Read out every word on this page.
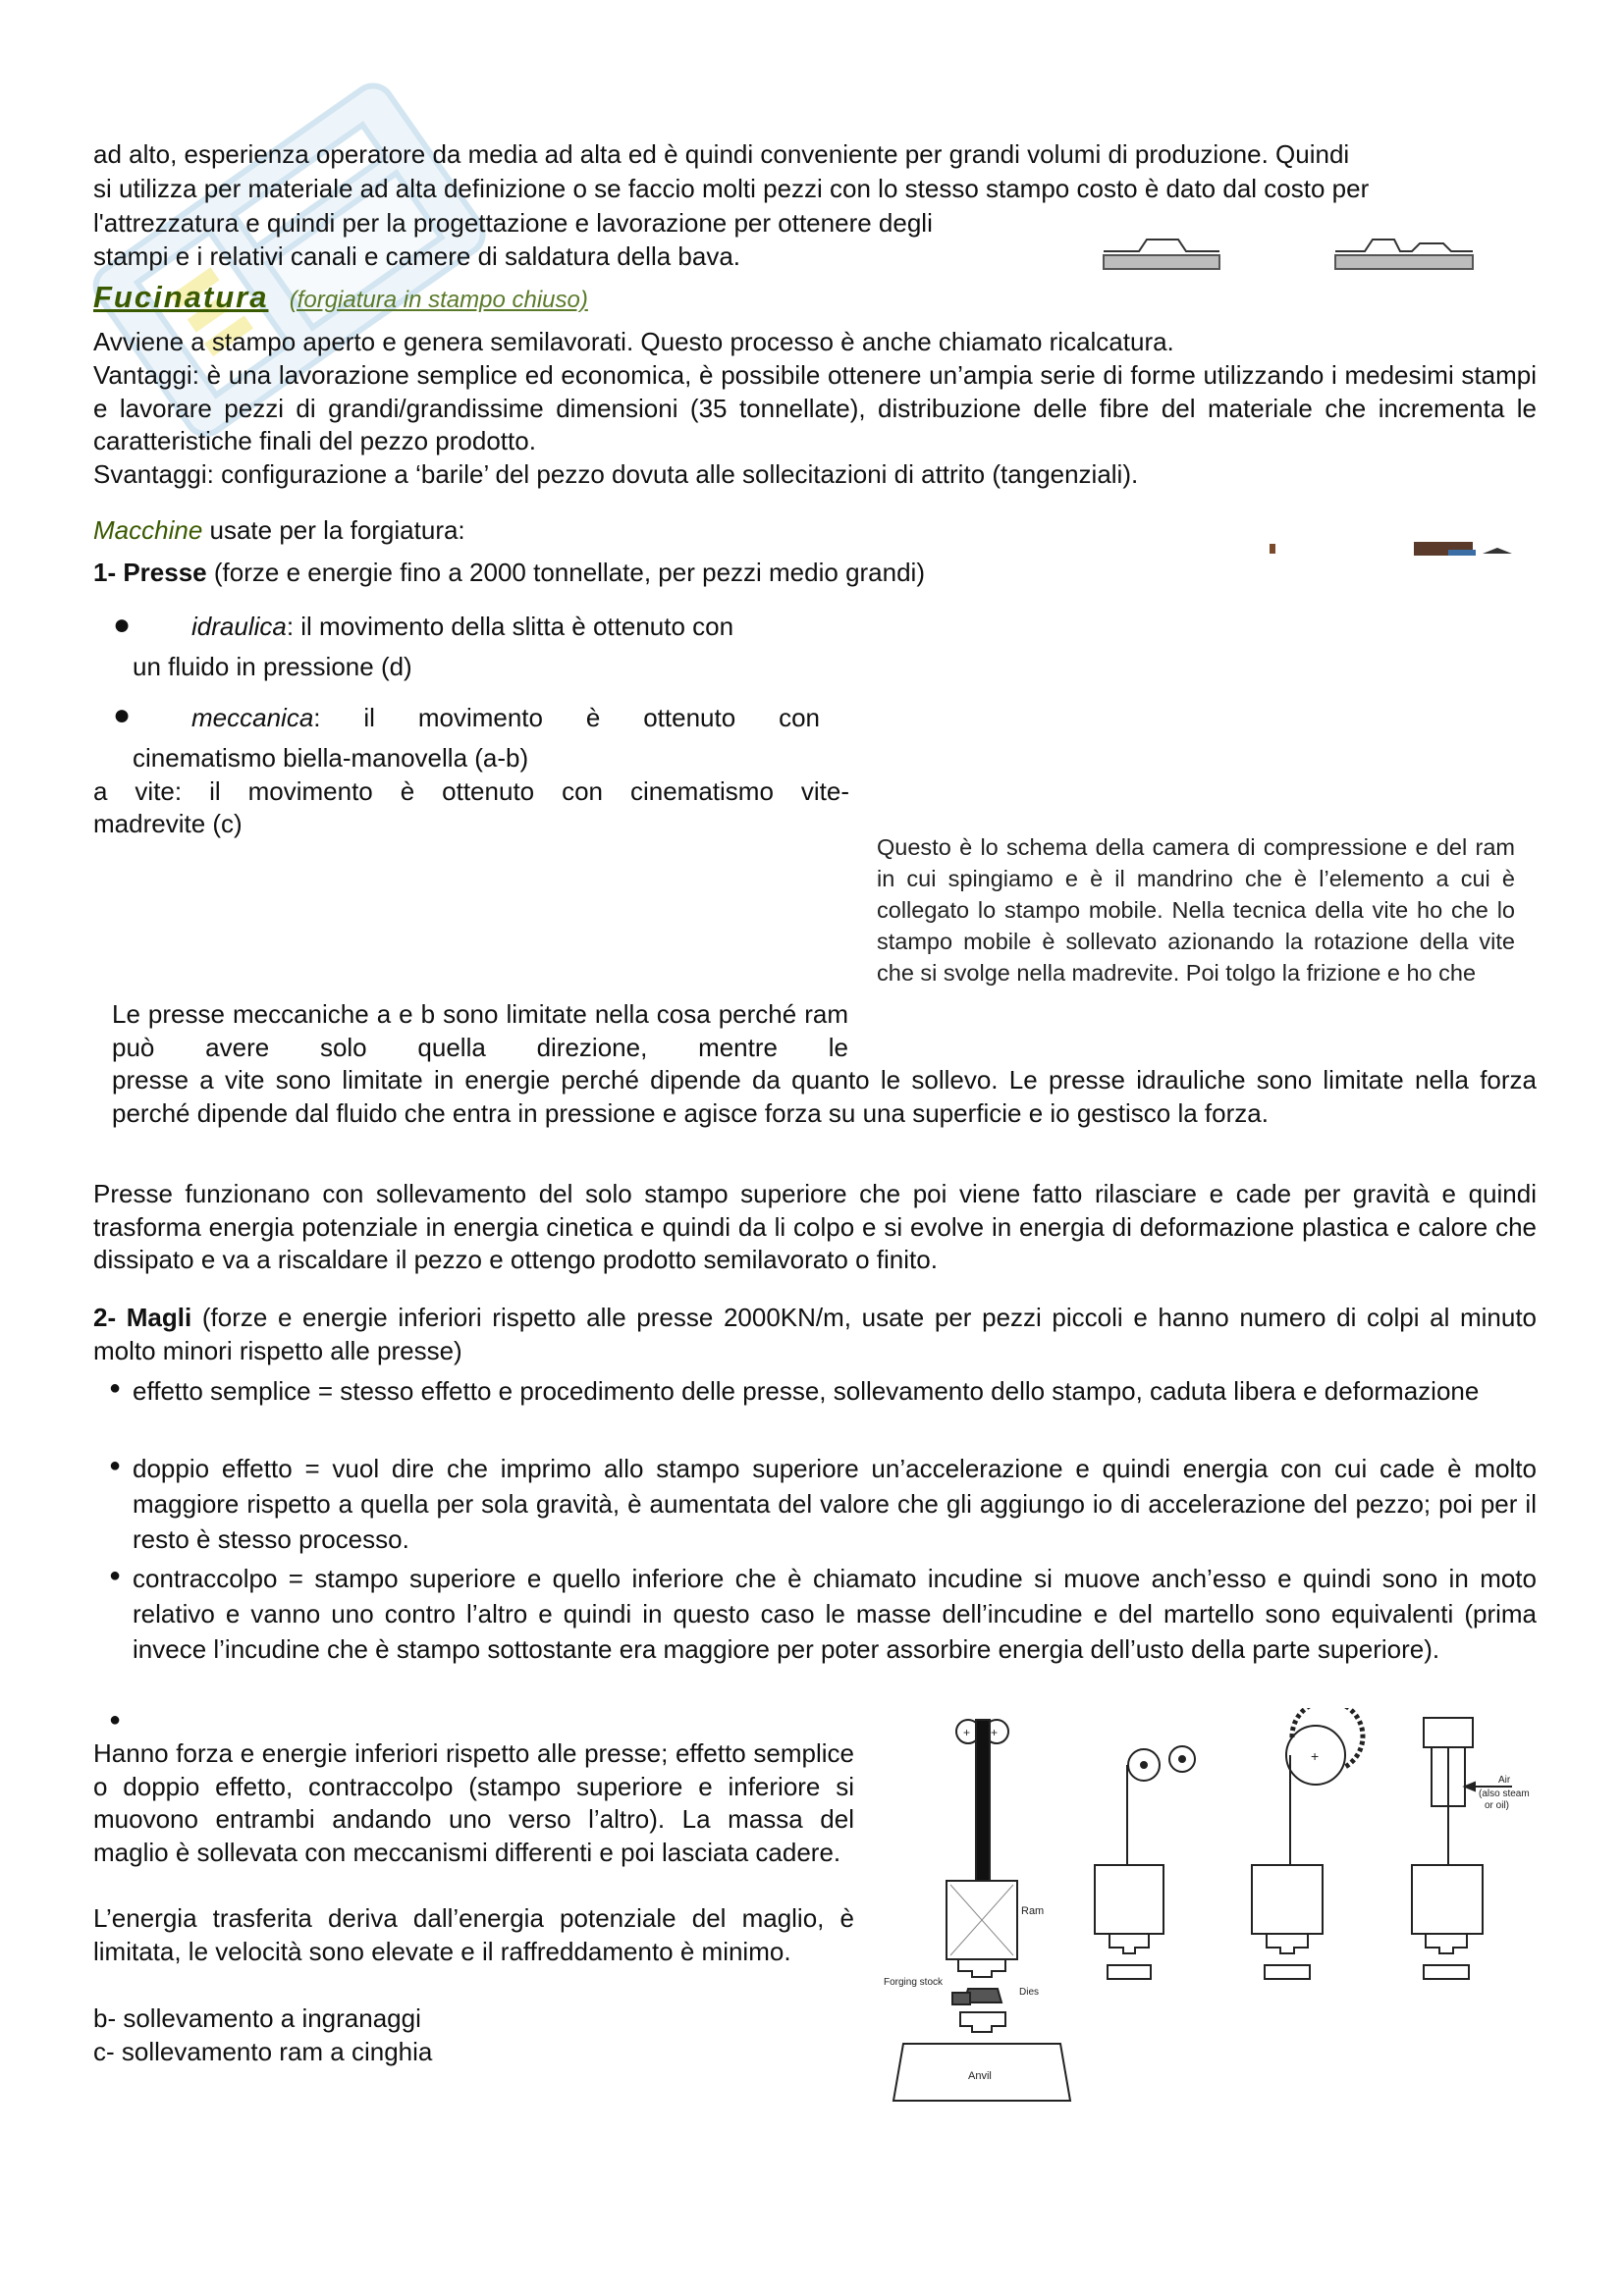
ad alto, esperienza operatore da media ad alta ed è quindi conveniente per grandi volumi di produzione. Quindi
si utilizza per materiale ad alta definizione o se faccio molti pezzi con lo stesso stampo costo è dato dal costo per
l'attrezzatura e quindi per la progettazione e lavorazione per ottenere degli
stampi e i relativi canali e camere di saldatura della bava.
Fucinatura (forgiatura in stampo chiuso)
Avviene a stampo aperto e genera semilavorati. Questo processo è anche chiamato ricalcatura.
Vantaggi: è una lavorazione semplice ed economica, è possibile ottenere un’ampia serie di forme utilizzando i medesimi stampi e lavorare pezzi di grandi/grandissime dimensioni (35 tonnellate), distribuzione delle fibre del materiale che incrementa le caratteristiche finali del pezzo prodotto.
Svantaggi: configurazione a ‘barile’ del pezzo dovuta alle sollecitazioni di attrito (tangenziali).
Macchine usate per la forgiatura:
1- Presse (forze e energie fino a 2000 tonnellate, per pezzi medio grandi)
●	idraulica: il movimento della slitta è ottenuto con
un fluido in pressione (d)
● meccanica: il movimento è ottenuto con
cinematismo biella-manovella (a-b)
a vite: il movimento è ottenuto con cinematismo vite-
madrevite (c)
Questo è lo schema della camera di compressione e del ram in cui spingiamo e è il mandrino che è l’elemento a cui è collegato lo stampo mobile. Nella tecnica della vite ho che lo stampo mobile è sollevato azionando la rotazione della vite che si svolge nella madrevite. Poi tolgo la frizione e ho che
Le presse meccaniche a e b sono limitate nella cosa perché ram può avere solo quella direzione, mentre le
presse a vite sono limitate in energie perché dipende da quanto le sollevo. Le presse idrauliche sono limitate nella forza perché dipende dal fluido che entra in pressione e agisce forza su una superficie e io gestisco la forza.
Presse funzionano con sollevamento del solo stampo superiore che poi viene fatto rilasciare e cade per gravità e quindi trasforma energia potenziale in energia cinetica e quindi da li colpo e si evolve in energia di deformazione plastica e calore che dissipato e va a riscaldare il pezzo e ottengo prodotto semilavorato o finito.
2- Magli (forze e energie inferiori rispetto alle presse 2000KN/m, usate per pezzi piccoli e hanno numero di colpi al minuto molto minori rispetto alle presse)
● effetto semplice = stesso effetto e procedimento delle presse, sollevamento dello stampo, caduta libera e deformazione
● doppio effetto = vuol dire che imprimo allo stampo superiore un’accelerazione e quindi energia con cui cade è molto maggiore rispetto a quella per sola gravità, è aumentata del valore che gli aggiungo io di accelerazione del pezzo; poi per il resto è stesso processo.
● contraccolpo = stampo superiore e quello inferiore che è chiamato incudine si muove anch’esso e quindi sono in moto relativo e vanno uno contro l’altro e quindi in questo caso le masse dell’incudine e del martello sono equivalenti (prima invece l’incudine che è stampo sottostante era maggiore per poter assorbire energia dell’usto della parte superiore).
●
Hanno forza e energie inferiori rispetto alle presse; effetto semplice o doppio effetto, contraccolpo (stampo superiore e inferiore si muovono entrambi andando uno verso l’altro). La massa del maglio è sollevata con meccanismi differenti e poi lasciata cadere.
L’energia trasferita deriva dall’energia potenziale del maglio, è limitata, le velocità sono elevate e il raffreddamento è minimo.
b- sollevamento a ingranaggi
c- sollevamento ram a cinghia
+ +
+
Ram
Forging stock
Dies
Anvil
Air
(also steam
or oil)
